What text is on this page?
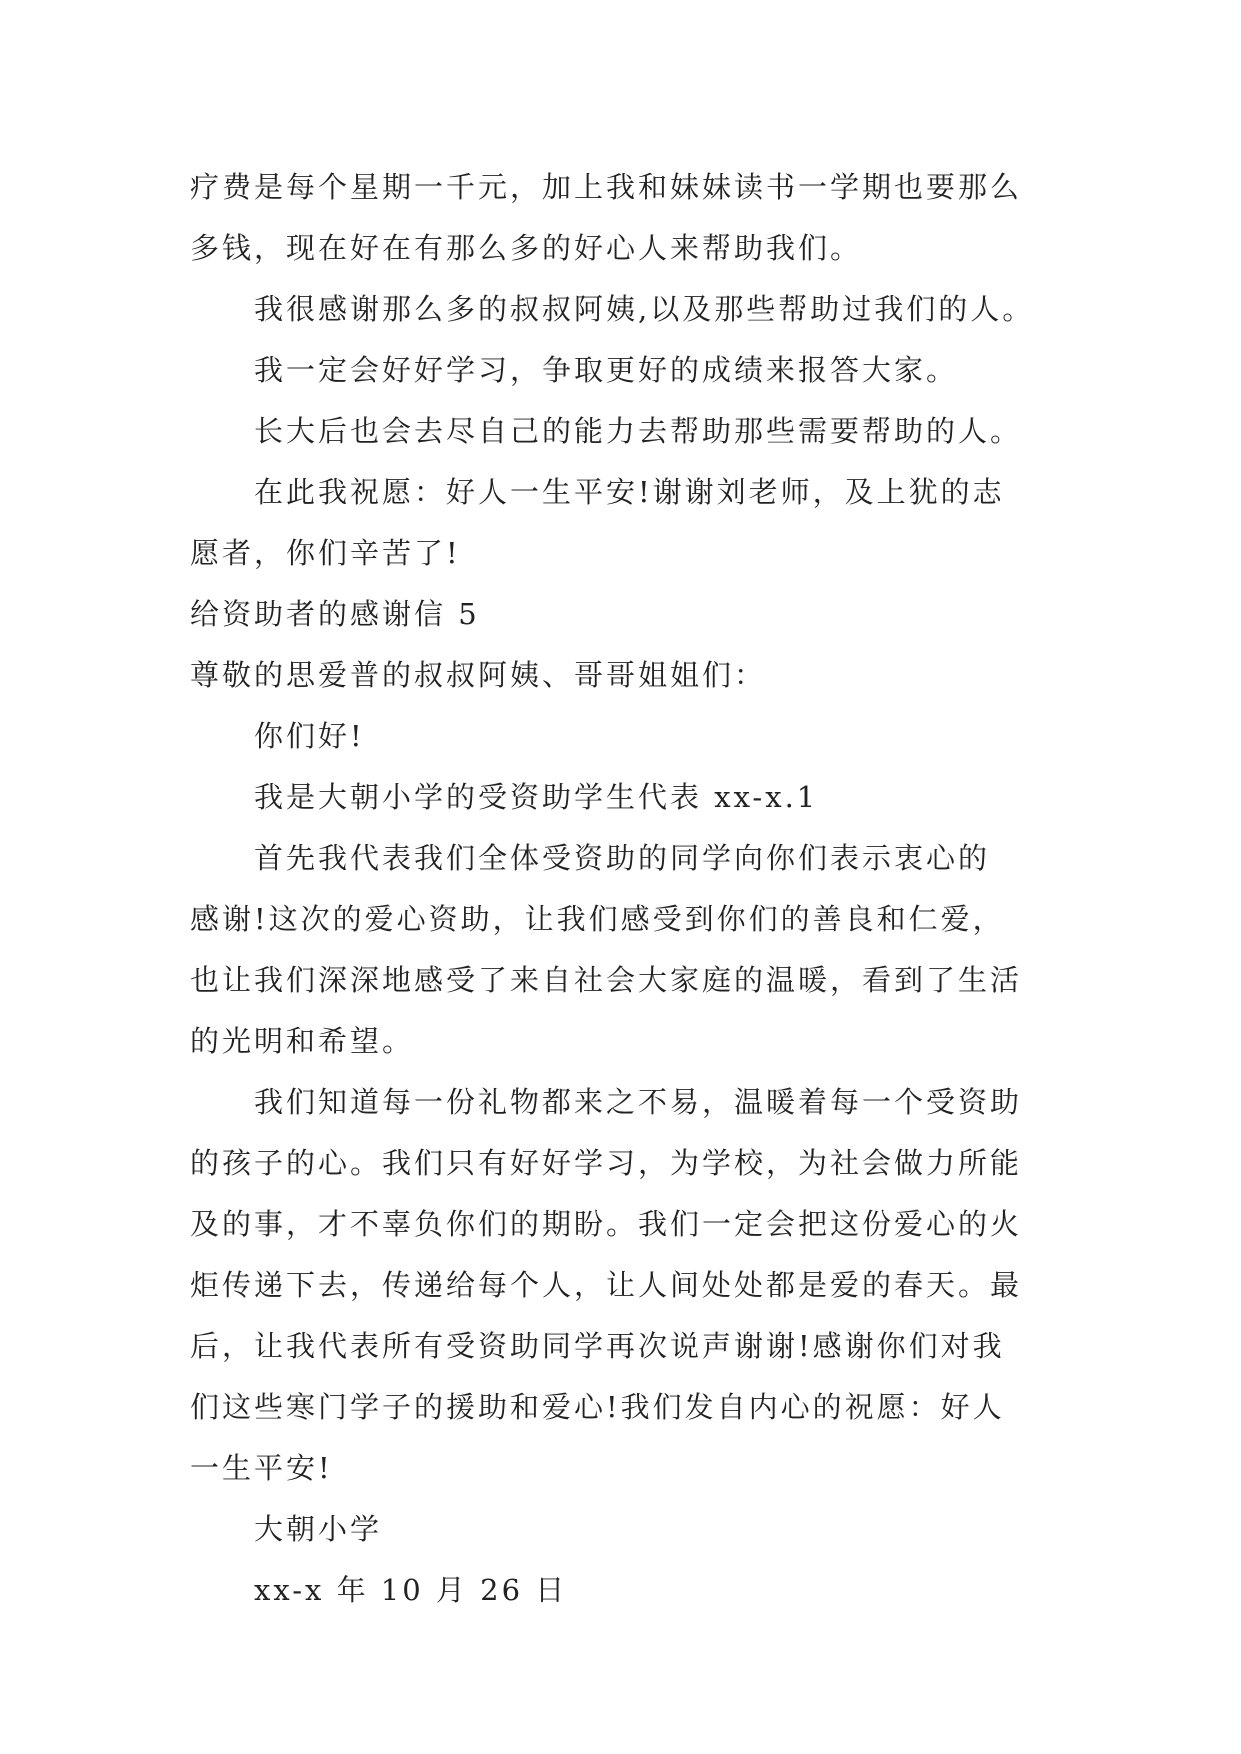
疗费是每个星期一千元，加上我和妹妹读书一学期也要那么
多钱，现在好在有那么多的好心人来帮助我们。
我很感谢那么多的叔叔阿姨,以及那些帮助过我们的人。
我一定会好好学习，争取更好的成绩来报答大家。
长大后也会去尽自己的能力去帮助那些需要帮助的人。
在此我祝愿：好人一生平安!谢谢刘老师，及上犹的志
愿者，你们辛苦了!
给资助者的感谢信 5
尊敬的思爱普的叔叔阿姨、哥哥姐姐们：
你们好!
我是大朝小学的受资助学生代表 xx-x.1
首先我代表我们全体受资助的同学向你们表示衷心的
感谢!这次的爱心资助，让我们感受到你们的善良和仁爱，
也让我们深深地感受了来自社会大家庭的温暖，看到了生活
的光明和希望。
我们知道每一份礼物都来之不易，温暖着每一个受资助
的孩子的心。我们只有好好学习，为学校，为社会做力所能
及的事，才不辜负你们的期盼。我们一定会把这份爱心的火
炬传递下去，传递给每个人，让人间处处都是爱的春天。最
后，让我代表所有受资助同学再次说声谢谢!感谢你们对我
们这些寒门学子的援助和爱心!我们发自内心的祝愿：好人
一生平安!
大朝小学
xx-x 年 10 月 26 日
